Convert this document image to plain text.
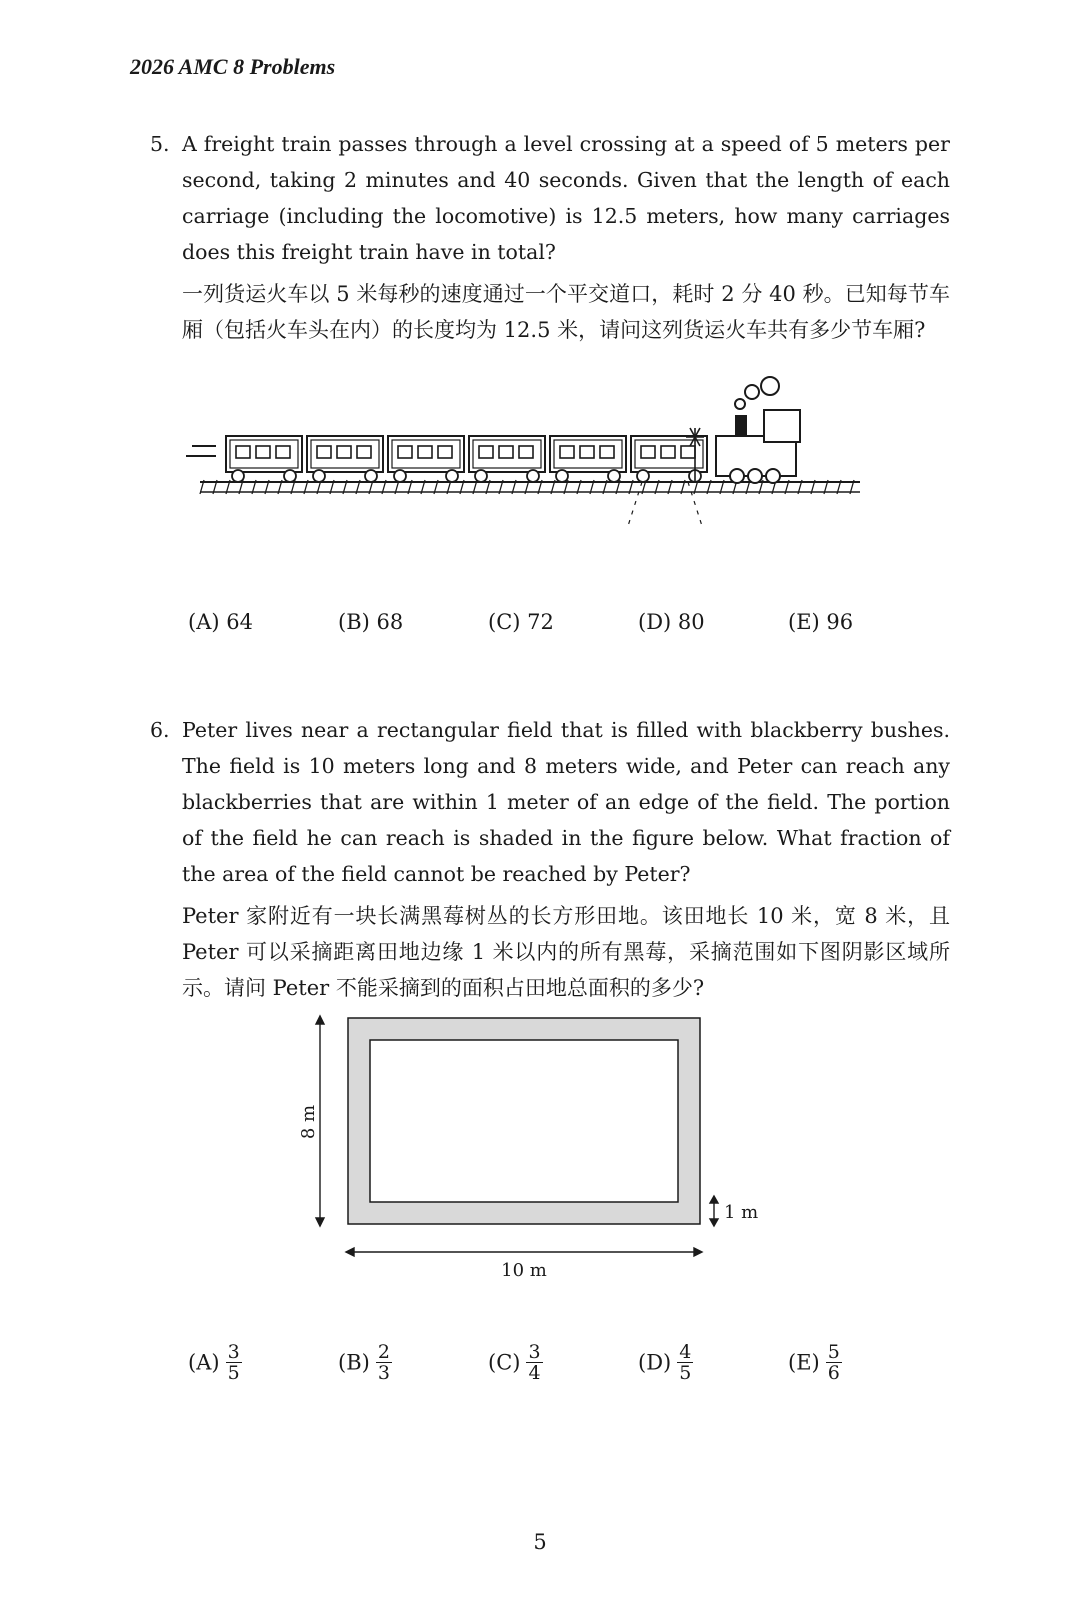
2026 AMC 8 Problems
5. A freight train passes through a level crossing at a speed of 5 meters per second, taking 2 minutes and 40 seconds. Given that the length of each carriage (including the locomotive) is 12.5 meters, how many carriages does this freight train have in total?
一列货运火车以 5 米每秒的速度通过一个平交道口，耗时 2 分 40 秒。已知每节车厢（包括火车头在内）的长度均为 12.5 米，请问这列货运火车共有多少节车厢?
(A) 64	(B) 68	(C) 72	(D) 80	(E) 96
6. Peter lives near a rectangular field that is filled with blackberry bushes. The field is 10 meters long and 8 meters wide, and Peter can reach any blackberries that are within 1 meter of an edge of the field. The portion of the field he can reach is shaded in the figure below. What fraction of the area of the field cannot be reached by Peter?
Peter 家附近有一块长满黑莓树丛的长方形田地。该田地长 10 米，宽 8 米，且 Peter 可以采摘距离田地边缘 1 米以内的所有黑莓，采摘范围如下图阴影区域所示。请问 Peter 不能采摘到的面积占田地总面积的多少?
8 m
10 m
1 m
$(A) \frac{3}{5}$	$(B) \frac{2}{3}$	$(C) \frac{3}{4}$	$(D) \frac{4}{5}$	$(E) \frac{5}{6}$
5
